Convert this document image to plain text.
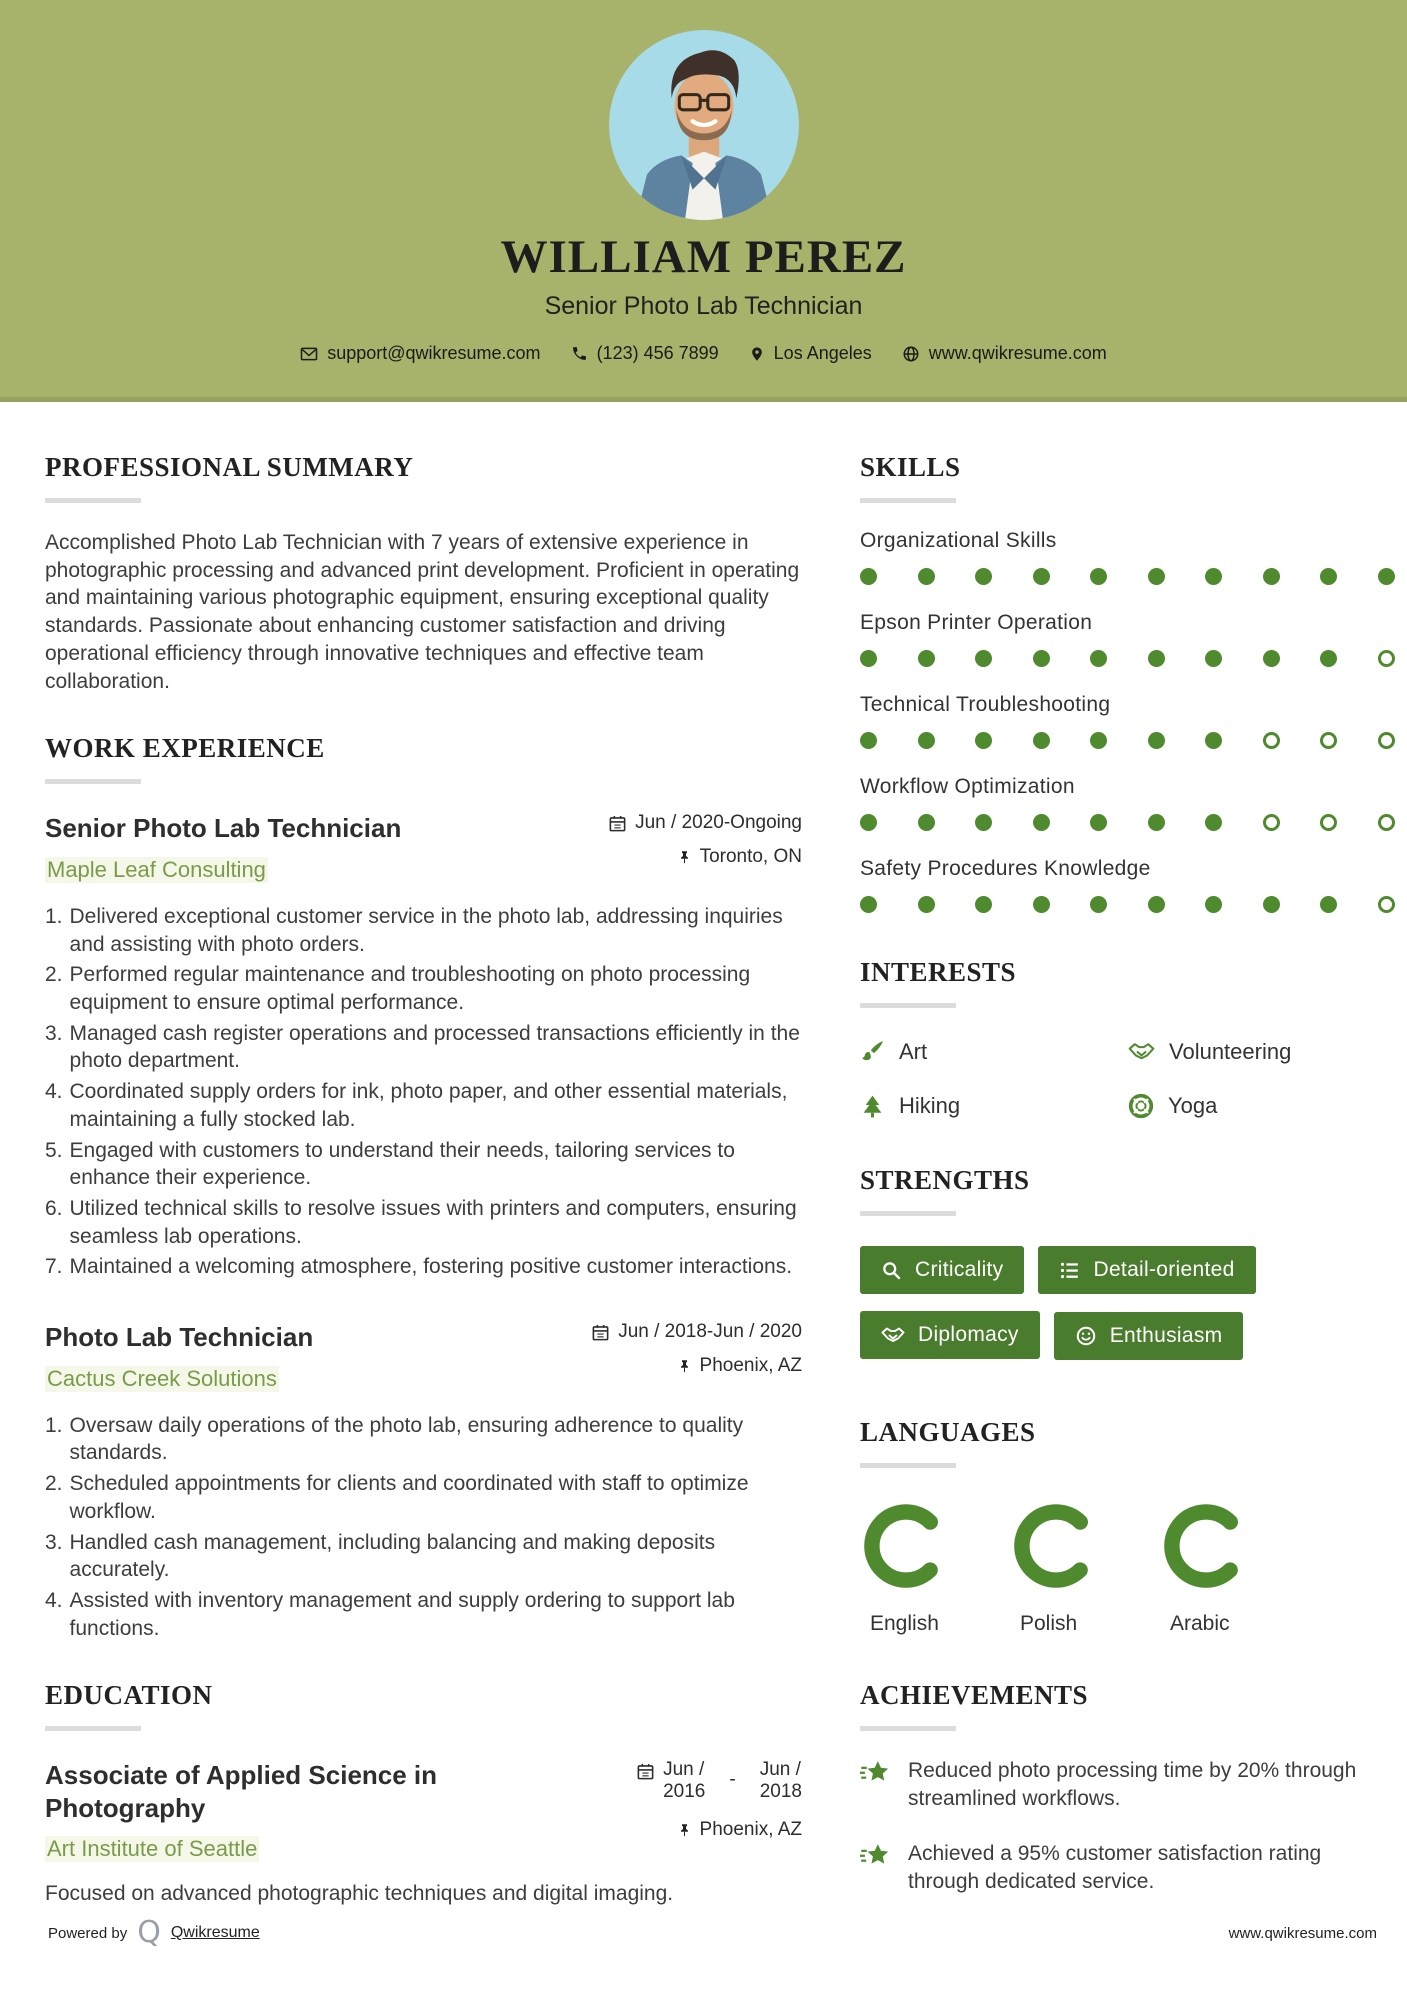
WILLIAM PEREZ
Senior Photo Lab Technician
support@qwikresume.com	(123) 456 7899	Los Angeles	www.qwikresume.com
PROFESSIONAL SUMMARY

Accomplished Photo Lab Technician with 7 years of extensive experience in photographic processing and advanced print development. Proficient in operating and maintaining various photographic equipment, ensuring exceptional quality standards. Passionate about enhancing customer satisfaction and driving operational efficiency through innovative techniques and effective team collaboration.

WORK EXPERIENCE
Senior Photo Lab Technician
Maple Leaf Consulting
Jun / 2020-Ongoing
Toronto, ON
1. Delivered exceptional customer service in the photo lab, addressing inquiries and assisting with photo orders.
2. Performed regular maintenance and troubleshooting on photo processing equipment to ensure optimal performance.
3. Managed cash register operations and processed transactions efficiently in the photo department.
4. Coordinated supply orders for ink, photo paper, and other essential materials, maintaining a fully stocked lab.
5. Engaged with customers to understand their needs, tailoring services to enhance their experience.
6. Utilized technical skills to resolve issues with printers and computers, ensuring seamless lab operations.
7. Maintained a welcoming atmosphere, fostering positive customer interactions.
Photo Lab Technician
Cactus Creek Solutions
Jun / 2018-Jun / 2020
Phoenix, AZ
1. Oversaw daily operations of the photo lab, ensuring adherence to quality standards.
2. Scheduled appointments for clients and coordinated with staff to optimize workflow.
3. Handled cash management, including balancing and making deposits accurately.
4. Assisted with inventory management and supply ordering to support lab functions.
EDUCATION
Associate of Applied Science in Photography
Art Institute of Seattle
Jun /
2016
- Jun /
2018
Phoenix, AZ

Focused on advanced photographic techniques and digital imaging.

SKILLS
Organizational Skills
Epson Printer Operation
Technical Troubleshooting
Workflow Optimization
Safety Procedures Knowledge
INTERESTS
Art	Volunteering
Hiking	Yoga
STRENGTHS
Criticality	Detail-oriented

Diplomacy	Enthusiasm
LANGUAGES
English	Polish	Arabic
ACHIEVEMENTS

Reduced photo processing time by 20% through streamlined workflows.

Achieved a 95% customer satisfaction rating through dedicated service.

Powered by Q Qwikresume	www.qwikresume.com
